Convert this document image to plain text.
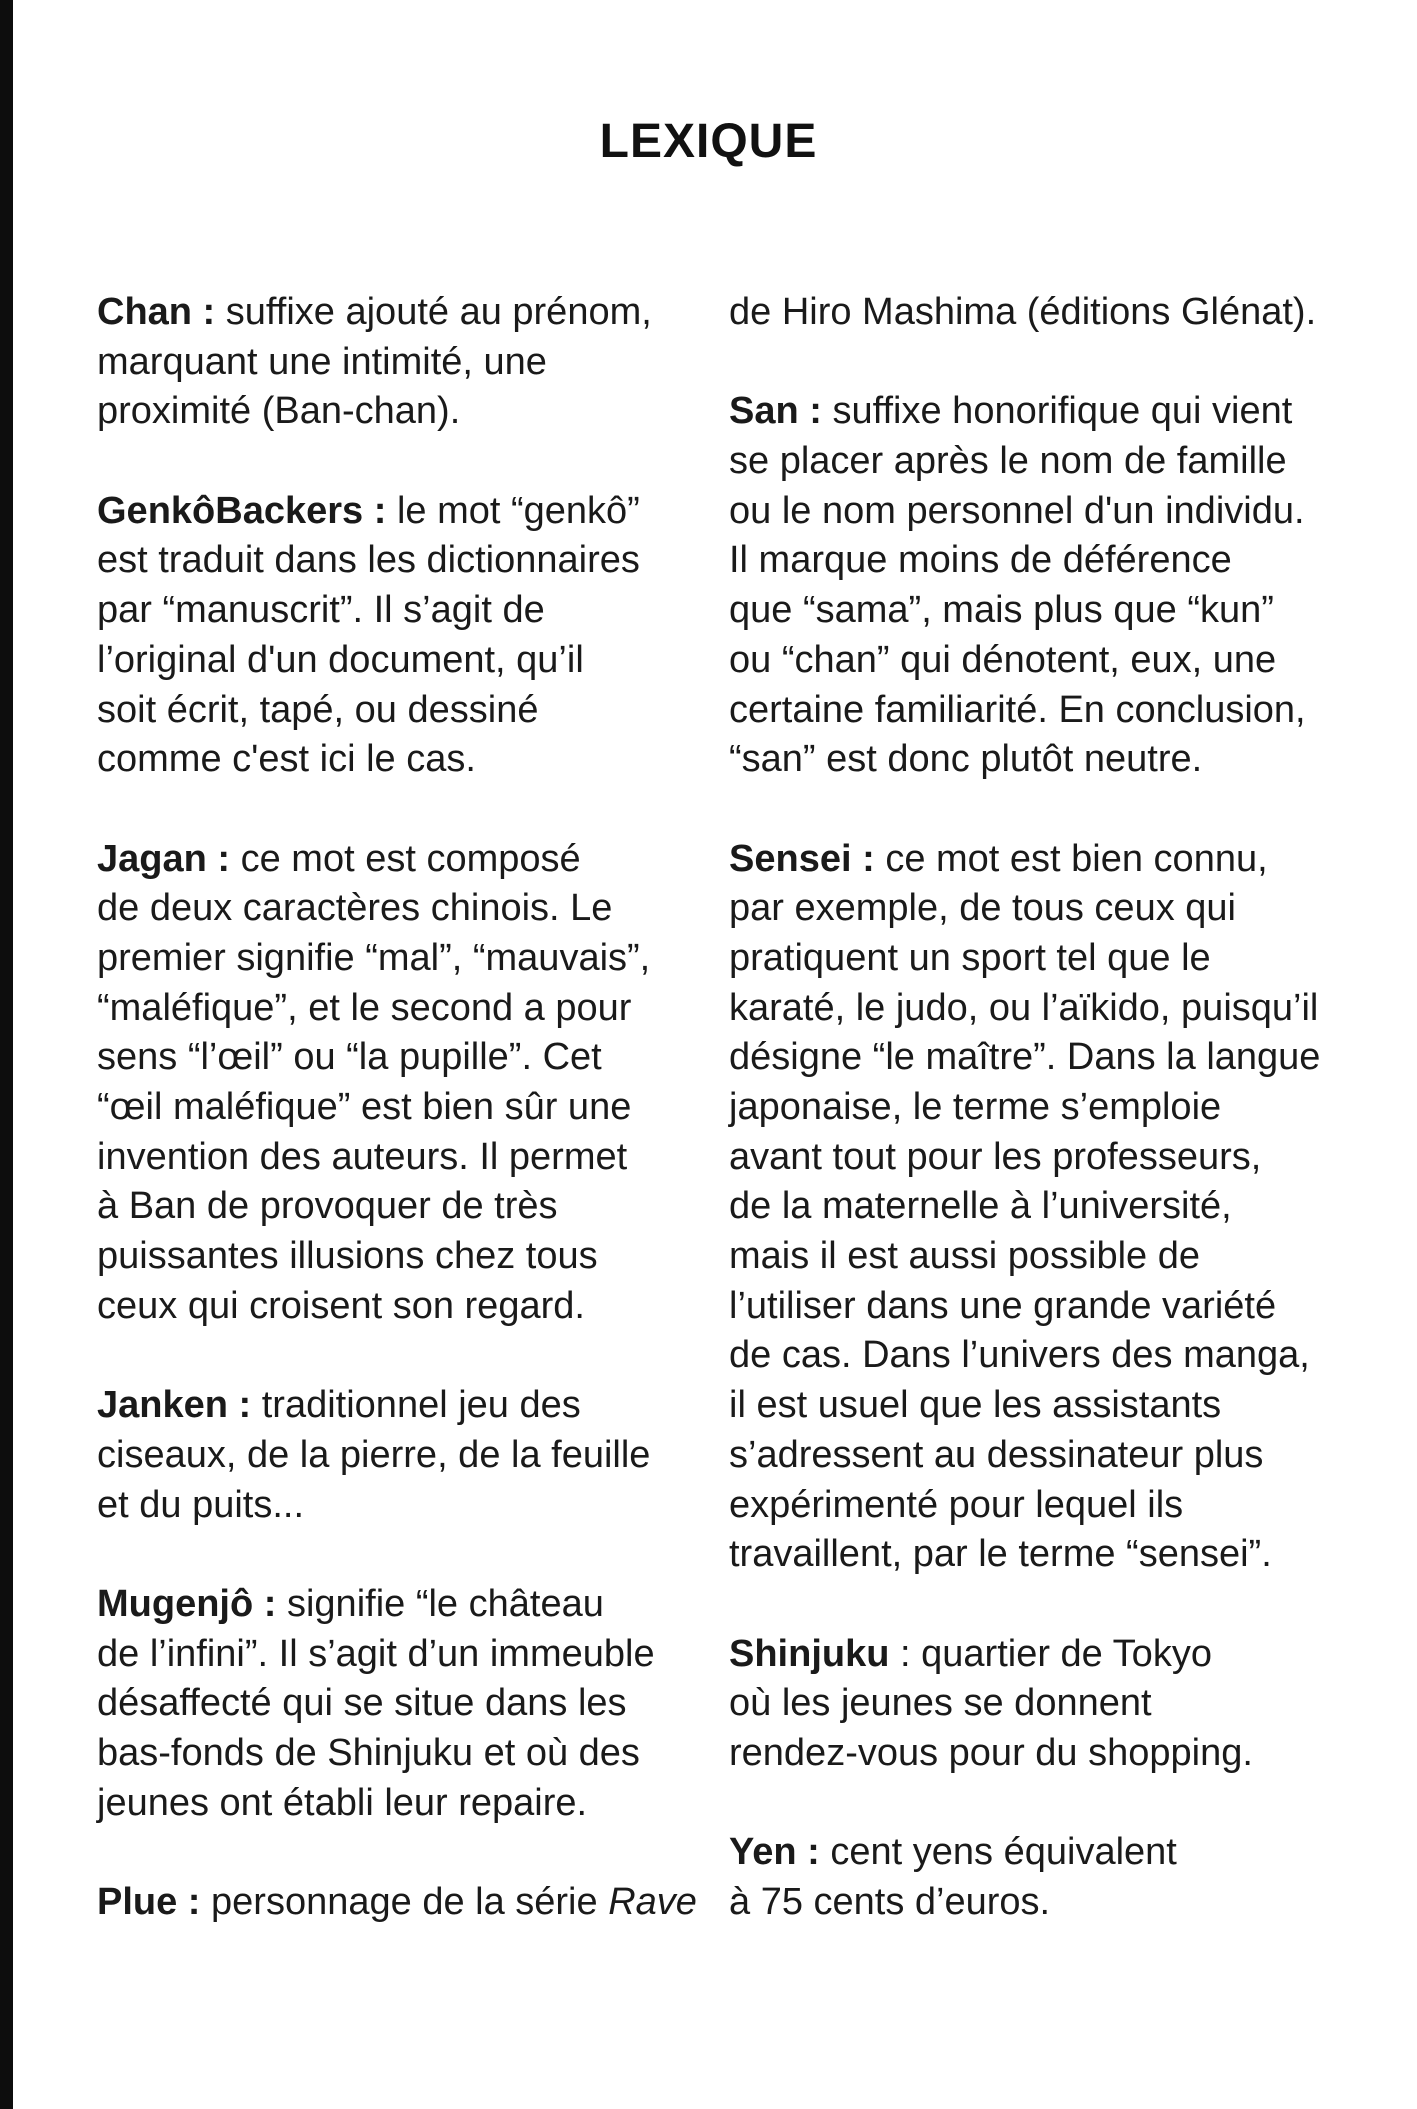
LEXIQUE
Chan : suffixe ajouté au prénom,
marquant une intimité, une
proximité (Ban-chan).
GenkôBackers : le mot “genkô”
est traduit dans les dictionnaires
par “manuscrit”. Il s’agit de
l’original d'un document, qu’il
soit écrit, tapé, ou dessiné
comme c'est ici le cas.
Jagan : ce mot est composé
de deux caractères chinois. Le
premier signifie “mal”, “mauvais”,
“maléfique”, et le second a pour
sens “l’œil” ou “la pupille”. Cet
“œil maléfique” est bien sûr une
invention des auteurs. Il permet
à Ban de provoquer de très
puissantes illusions chez tous
ceux qui croisent son regard.
Janken : traditionnel jeu des
ciseaux, de la pierre, de la feuille
et du puits...
Mugenjô : signifie “le château
de l’infini”. Il s’agit d’un immeuble
désaffecté qui se situe dans les
bas-fonds de Shinjuku et où des
jeunes ont établi leur repaire.
Plue : personnage de la série Rave
de Hiro Mashima (éditions Glénat).
San : suffixe honorifique qui vient
se placer après le nom de famille
ou le nom personnel d'un individu.
Il marque moins de déférence
que “sama”, mais plus que “kun”
ou “chan” qui dénotent, eux, une
certaine familiarité. En conclusion,
“san” est donc plutôt neutre.
Sensei : ce mot est bien connu,
par exemple, de tous ceux qui
pratiquent un sport tel que le
karaté, le judo, ou l’aïkido, puisqu’il
désigne “le maître”. Dans la langue
japonaise, le terme s’emploie
avant tout pour les professeurs,
de la maternelle à l’université,
mais il est aussi possible de
l’utiliser dans une grande variété
de cas. Dans l’univers des manga,
il est usuel que les assistants
s’adressent au dessinateur plus
expérimenté pour lequel ils
travaillent, par le terme “sensei”.
Shinjuku : quartier de Tokyo
où les jeunes se donnent
rendez-vous pour du shopping.
Yen : cent yens équivalent
à 75 cents d’euros.
